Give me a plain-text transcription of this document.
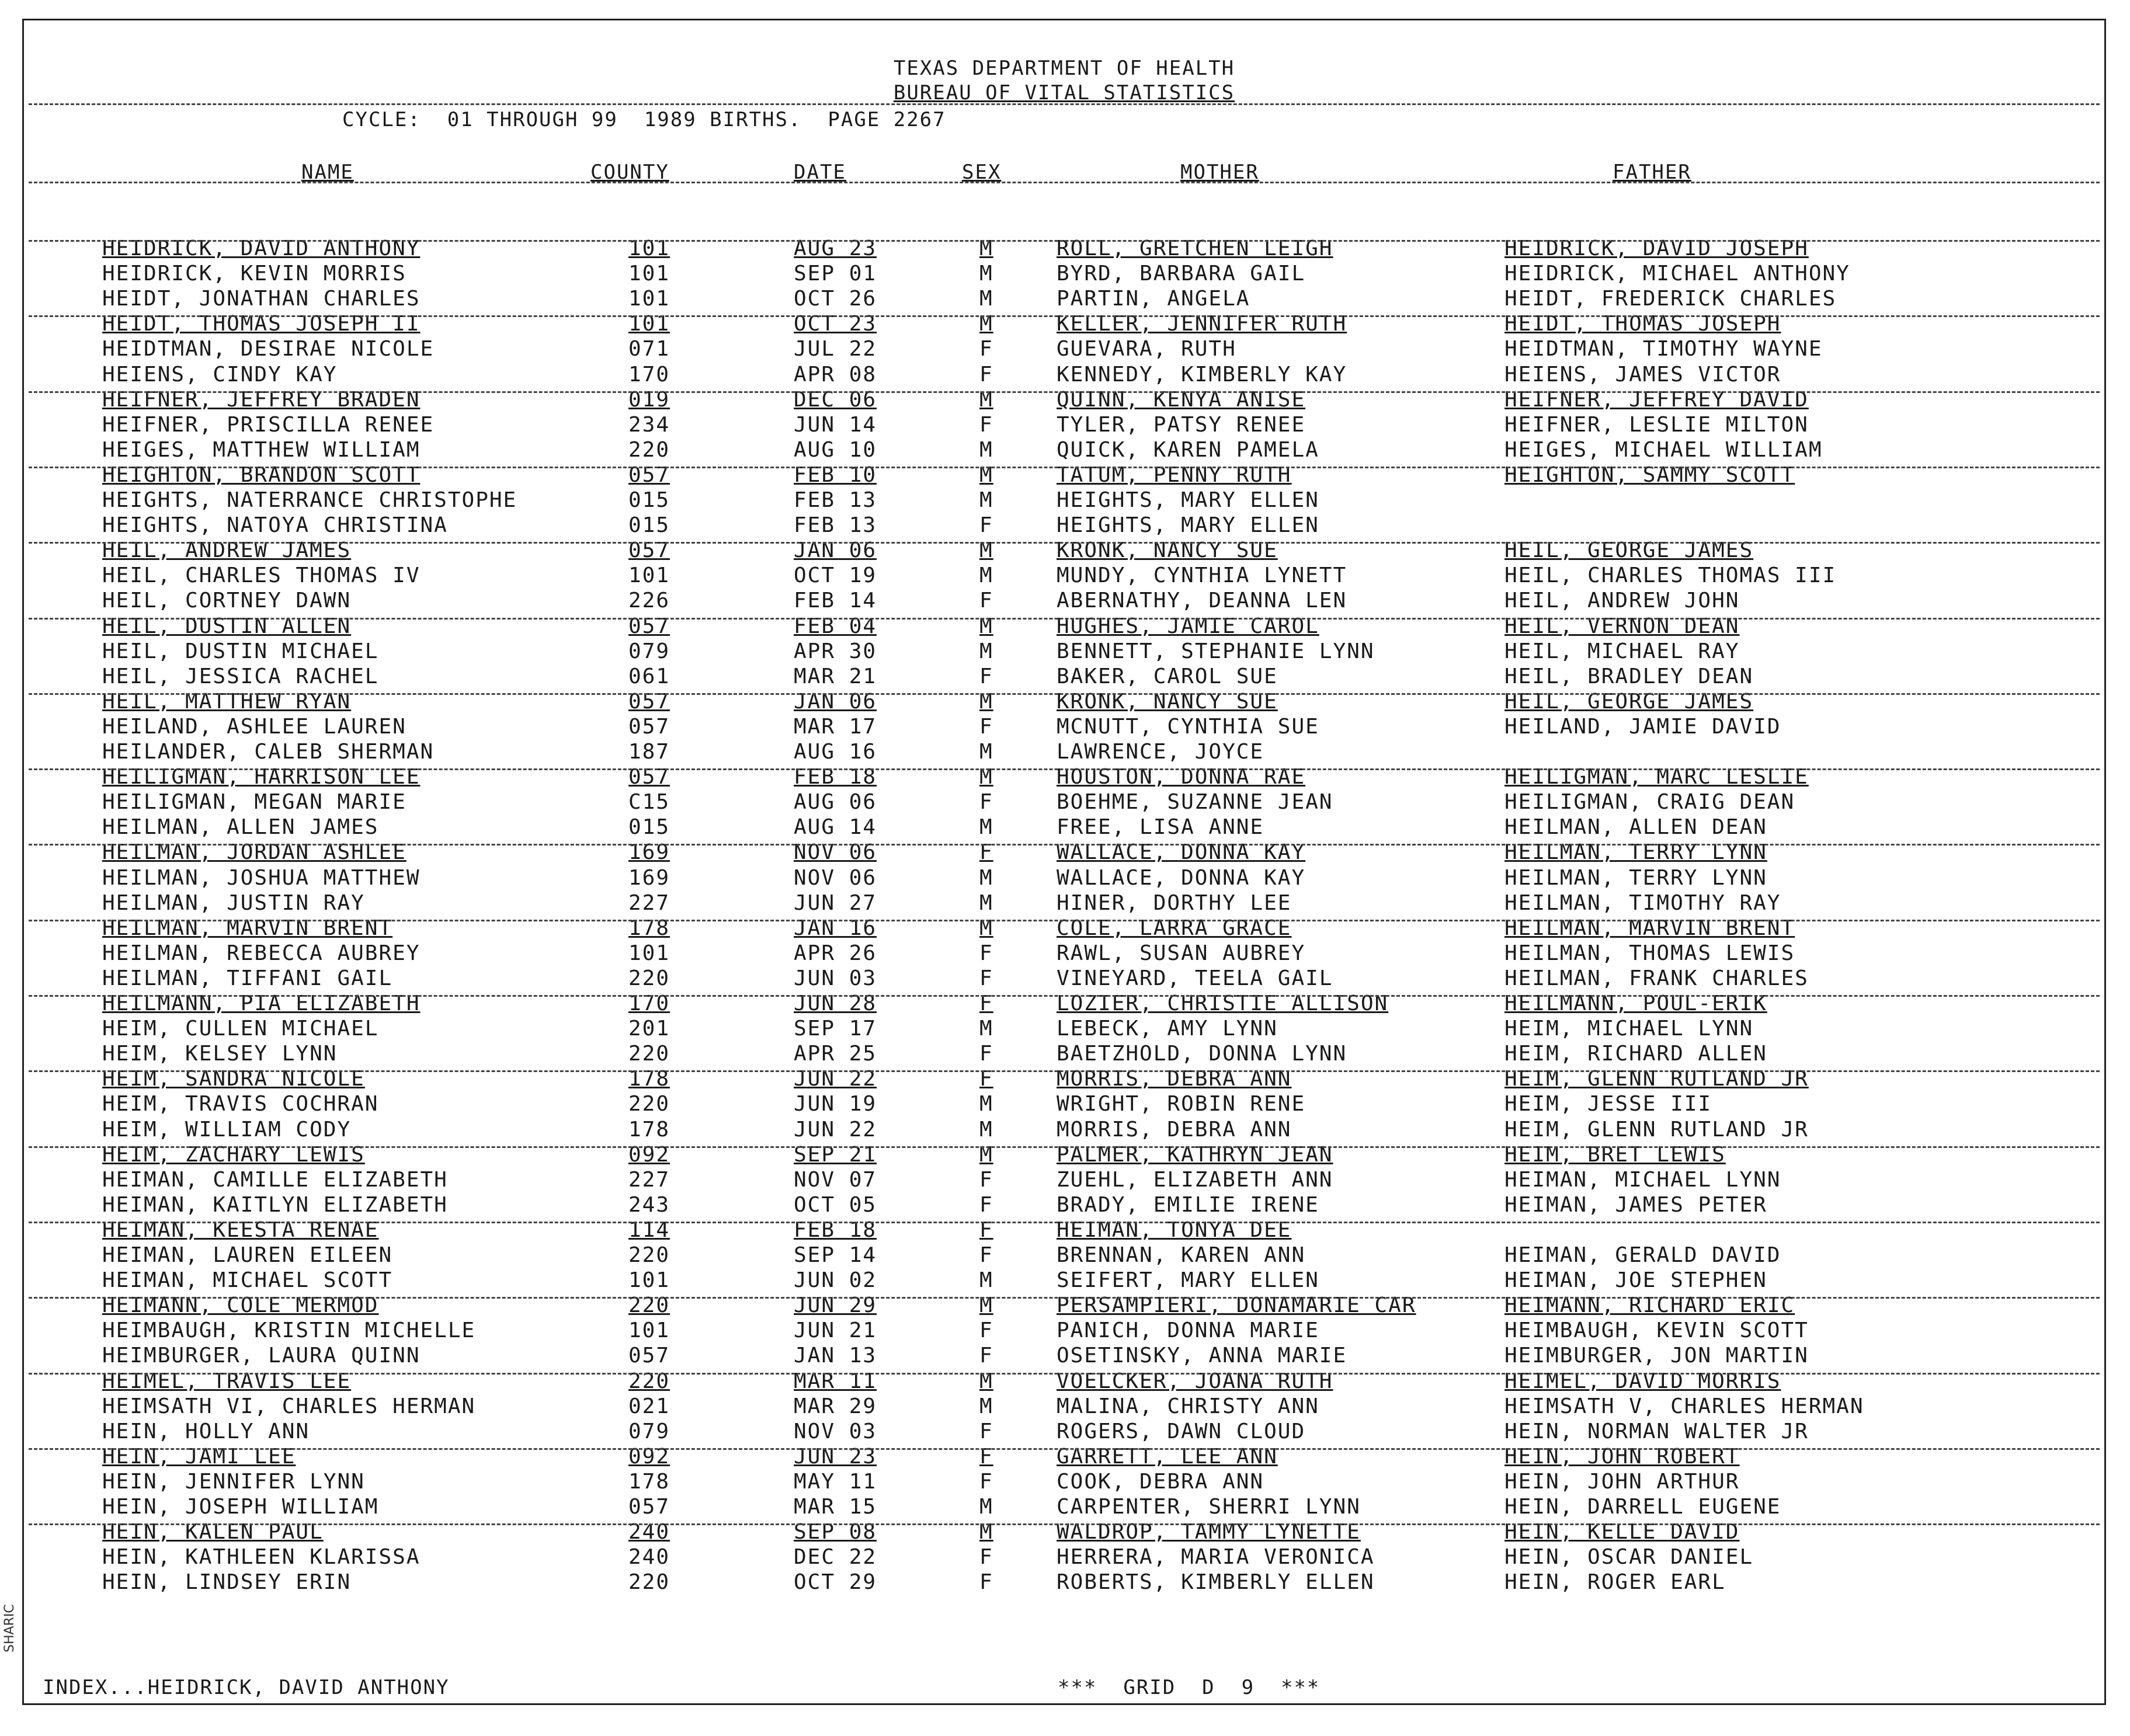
TEXAS DEPARTMENT OF HEALTH
BUREAU OF VITAL STATISTICS
CYCLE:  01 THROUGH 99  1989 BIRTHS.  PAGE 2267
NAME	COUNTY	DATE	SEX	MOTHER	FATHER
HEIDRICK, DAVID ANTHONY	101	AUG 23	M	ROLL, GRETCHEN LEIGH	HEIDRICK, DAVID JOSEPH
HEIDRICK, KEVIN MORRIS	101	SEP 01	M	BYRD, BARBARA GAIL	HEIDRICK, MICHAEL ANTHONY
HEIDT, JONATHAN CHARLES	101	OCT 26	M	PARTIN, ANGELA	HEIDT, FREDERICK CHARLES
HEIDT, THOMAS JOSEPH II	101	OCT 23	M	KELLER, JENNIFER RUTH	HEIDT, THOMAS JOSEPH
HEIDTMAN, DESIRAE NICOLE	071	JUL 22	F	GUEVARA, RUTH	HEIDTMAN, TIMOTHY WAYNE
HEIENS, CINDY KAY	170	APR 08	F	KENNEDY, KIMBERLY KAY	HEIENS, JAMES VICTOR
HEIFNER, JEFFREY BRADEN	019	DEC 06	M	QUINN, KENYA ANISE	HEIFNER, JEFFREY DAVID
HEIFNER, PRISCILLA RENEE	234	JUN 14	F	TYLER, PATSY RENEE	HEIFNER, LESLIE MILTON
HEIGES, MATTHEW WILLIAM	220	AUG 10	M	QUICK, KAREN PAMELA	HEIGES, MICHAEL WILLIAM
HEIGHTON, BRANDON SCOTT	057	FEB 10	M	TATUM, PENNY RUTH	HEIGHTON, SAMMY SCOTT
HEIGHTS, NATERRANCE CHRISTOPHE	015	FEB 13	M	HEIGHTS, MARY ELLEN
HEIGHTS, NATOYA CHRISTINA	015	FEB 13	F	HEIGHTS, MARY ELLEN
HEIL, ANDREW JAMES	057	JAN 06	M	KRONK, NANCY SUE	HEIL, GEORGE JAMES
HEIL, CHARLES THOMAS IV	101	OCT 19	M	MUNDY, CYNTHIA LYNETT	HEIL, CHARLES THOMAS III
HEIL, CORTNEY DAWN	226	FEB 14	F	ABERNATHY, DEANNA LEN	HEIL, ANDREW JOHN
HEIL, DUSTIN ALLEN	057	FEB 04	M	HUGHES, JAMIE CAROL	HEIL, VERNON DEAN
HEIL, DUSTIN MICHAEL	079	APR 30	M	BENNETT, STEPHANIE LYNN	HEIL, MICHAEL RAY
HEIL, JESSICA RACHEL	061	MAR 21	F	BAKER, CAROL SUE	HEIL, BRADLEY DEAN
HEIL, MATTHEW RYAN	057	JAN 06	M	KRONK, NANCY SUE	HEIL, GEORGE JAMES
HEILAND, ASHLEE LAUREN	057	MAR 17	F	MCNUTT, CYNTHIA SUE	HEILAND, JAMIE DAVID
HEILANDER, CALEB SHERMAN	187	AUG 16	M	LAWRENCE, JOYCE
HEILIGMAN, HARRISON LEE	057	FEB 18	M	HOUSTON, DONNA RAE	HEILIGMAN, MARC LESLIE
HEILIGMAN, MEGAN MARIE	C15	AUG 06	F	BOEHME, SUZANNE JEAN	HEILIGMAN, CRAIG DEAN
HEILMAN, ALLEN JAMES	015	AUG 14	M	FREE, LISA ANNE	HEILMAN, ALLEN DEAN
HEILMAN, JORDAN ASHLEE	169	NOV 06	F	WALLACE, DONNA KAY	HEILMAN, TERRY LYNN
HEILMAN, JOSHUA MATTHEW	169	NOV 06	M	WALLACE, DONNA KAY	HEILMAN, TERRY LYNN
HEILMAN, JUSTIN RAY	227	JUN 27	M	HINER, DORTHY LEE	HEILMAN, TIMOTHY RAY
HEILMAN, MARVIN BRENT	178	JAN 16	M	COLE, LARRA GRACE	HEILMAN, MARVIN BRENT
HEILMAN, REBECCA AUBREY	101	APR 26	F	RAWL, SUSAN AUBREY	HEILMAN, THOMAS LEWIS
HEILMAN, TIFFANI GAIL	220	JUN 03	F	VINEYARD, TEELA GAIL	HEILMAN, FRANK CHARLES
HEILMANN, PIA ELIZABETH	170	JUN 28	F	LOZIER, CHRISTIE ALLISON	HEILMANN, POUL-ERIK
HEIM, CULLEN MICHAEL	201	SEP 17	M	LEBECK, AMY LYNN	HEIM, MICHAEL LYNN
HEIM, KELSEY LYNN	220	APR 25	F	BAETZHOLD, DONNA LYNN	HEIM, RICHARD ALLEN
HEIM, SANDRA NICOLE	178	JUN 22	F	MORRIS, DEBRA ANN	HEIM, GLENN RUTLAND JR
HEIM, TRAVIS COCHRAN	220	JUN 19	M	WRIGHT, ROBIN RENE	HEIM, JESSE III
HEIM, WILLIAM CODY	178	JUN 22	M	MORRIS, DEBRA ANN	HEIM, GLENN RUTLAND JR
HEIM, ZACHARY LEWIS	092	SEP 21	M	PALMER, KATHRYN JEAN	HEIM, BRET LEWIS
HEIMAN, CAMILLE ELIZABETH	227	NOV 07	F	ZUEHL, ELIZABETH ANN	HEIMAN, MICHAEL LYNN
HEIMAN, KAITLYN ELIZABETH	243	OCT 05	F	BRADY, EMILIE IRENE	HEIMAN, JAMES PETER
HEIMAN, KEESTA RENAE	114	FEB 18	F	HEIMAN, TONYA DEE
HEIMAN, LAUREN EILEEN	220	SEP 14	F	BRENNAN, KAREN ANN	HEIMAN, GERALD DAVID
HEIMAN, MICHAEL SCOTT	101	JUN 02	M	SEIFERT, MARY ELLEN	HEIMAN, JOE STEPHEN
HEIMANN, COLE MERMOD	220	JUN 29	M	PERSAMPIERI, DONAMARIE CAR	HEIMANN, RICHARD ERIC
HEIMBAUGH, KRISTIN MICHELLE	101	JUN 21	F	PANICH, DONNA MARIE	HEIMBAUGH, KEVIN SCOTT
HEIMBURGER, LAURA QUINN	057	JAN 13	F	OSETINSKY, ANNA MARIE	HEIMBURGER, JON MARTIN
HEIMEL, TRAVIS LEE	220	MAR 11	M	VOELCKER, JOANA RUTH	HEIMEL, DAVID MORRIS
HEIMSATH VI, CHARLES HERMAN	021	MAR 29	M	MALINA, CHRISTY ANN	HEIMSATH V, CHARLES HERMAN
HEIN, HOLLY ANN	079	NOV 03	F	ROGERS, DAWN CLOUD	HEIN, NORMAN WALTER JR
HEIN, JAMI LEE	092	JUN 23	F	GARRETT, LEE ANN	HEIN, JOHN ROBERT
HEIN, JENNIFER LYNN	178	MAY 11	F	COOK, DEBRA ANN	HEIN, JOHN ARTHUR
HEIN, JOSEPH WILLIAM	057	MAR 15	M	CARPENTER, SHERRI LYNN	HEIN, DARRELL EUGENE
HEIN, KALEN PAUL	240	SEP 08	M	WALDROP, TAMMY LYNETTE	HEIN, KELLE DAVID
HEIN, KATHLEEN KLARISSA	240	DEC 22	F	HERRERA, MARIA VERONICA	HEIN, OSCAR DANIEL
HEIN, LINDSEY ERIN	220	OCT 29	F	ROBERTS, KIMBERLY ELLEN	HEIN, ROGER EARL
INDEX...HEIDRICK, DAVID ANTHONY	***  GRID  D  9  ***
SHARIC
